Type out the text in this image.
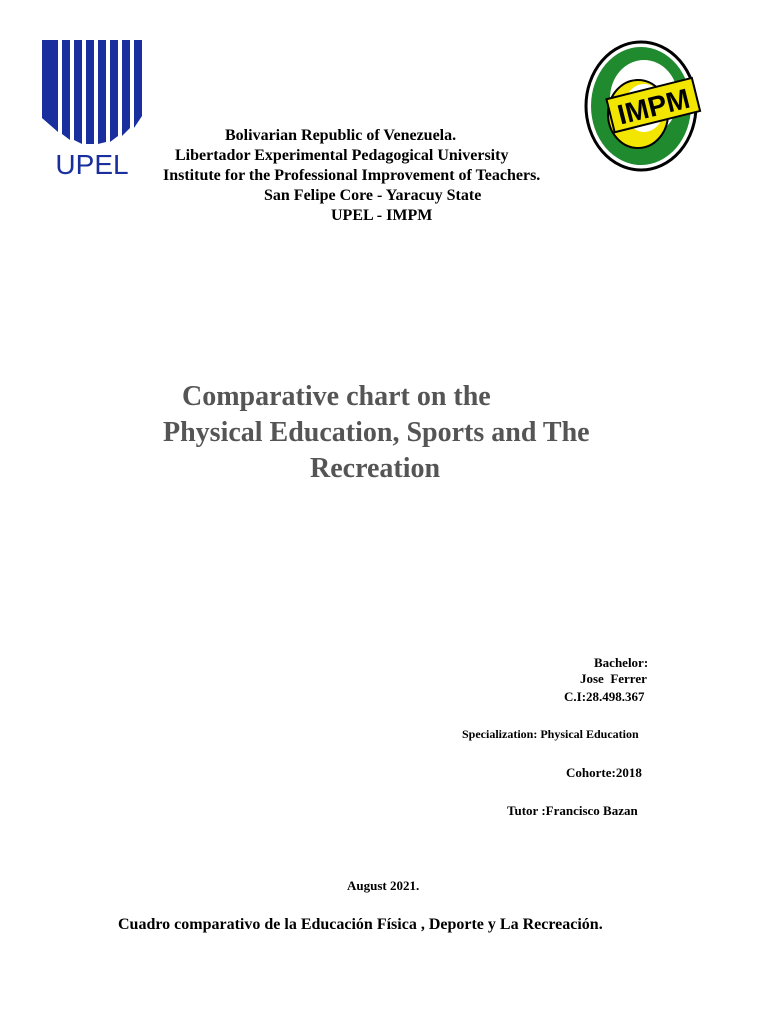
UPEL
IMPM
Bolivarian Republic of Venezuela.
Libertador Experimental Pedagogical University
Institute for the Professional Improvement of Teachers.
San Felipe Core - Yaracuy State
UPEL - IMPM
Comparative chart on the
Physical Education, Sports and The
Recreation
Bachelor:
Jose  Ferrer
C.I:28.498.367
Specialization: Physical Education
Cohorte:2018
Tutor :Francisco Bazan
August 2021.
Cuadro comparativo de la Educación Física , Deporte y La Recreación.
